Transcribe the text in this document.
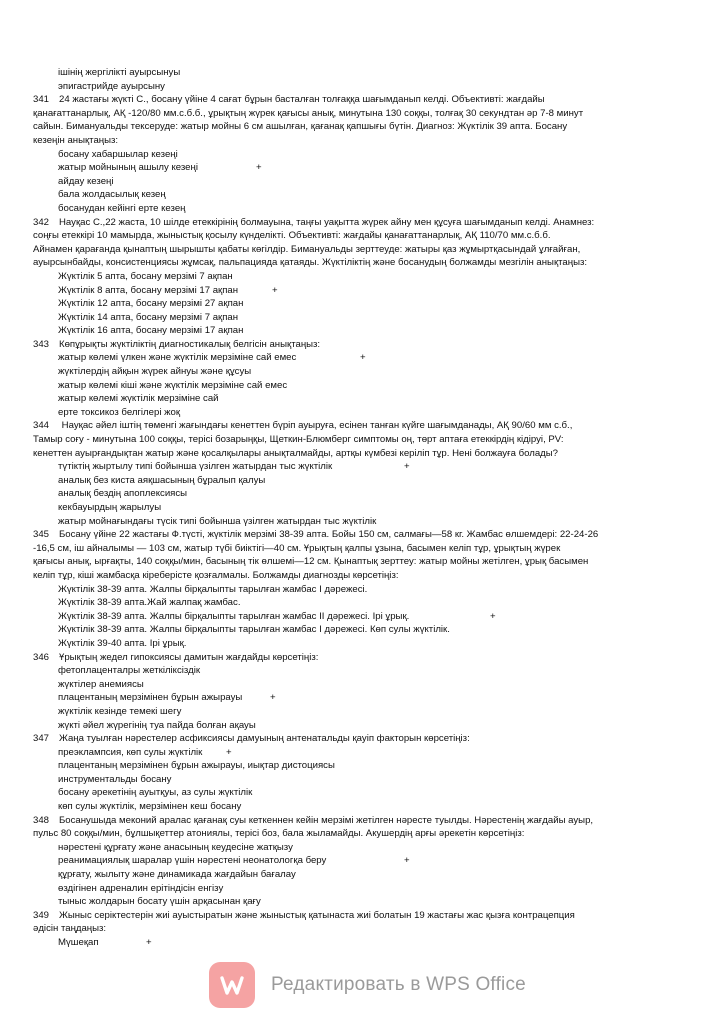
ішінің жергілікті ауырсынуы
эпигастрийде ауырсыну
341 24 жастағы жүкті С., босану үйіне 4 сағат бұрын басталған толғаққа шағымданып келді. Объективті: жағдайы
қанағаттанарлық, АҚ -120/80 мм.с.б.б., ұрықтың жүрек қағысы анық, минутына 130 соққы, толғақ 30 секундтан әр 7-8 минут
сайын. Бимануальды тексеруде: жатыр мойны 6 см ашылған, қағанақ қапшығы бүтін. Диагноз: Жүктілік 39 апта. Босану
кезеңін анықтаңыз:
босану хабаршылар кезеңі
жатыр мойнының ашылу кезеңі	+
айдау кезеңі
бала жолдасылық кезең
босанудан кейінгі ерте кезең
342 Науқас С.,22 жаста, 10 шілде етеккірінің болмауына, таңғы уақытта жүрек айну мен құсуға шағымданып келді. Анамнез:
соңғы етеккірі 10 мамырда, жыныстық қосылу күнделікті. Объективті: жағдайы қанағаттанарлық, АҚ 110/70 мм.с.б.б.
Айнамен қарағанда қынаптың шырышты қабаты көгілдір. Бимануальды зерттеуде: жатыры қаз жұмыртқасындай ұлғайған,
ауырсынбайды, консистенциясы жұмсақ, пальпацияда қатаяды. Жүктіліктің және босанудың болжамды мезгілін анықтаңыз:
Жүктілік 5 апта, босану мерзімі 7 ақпан
Жүктілік 8 апта, босану мерзімі 17 ақпан	+
Жүктілік 12 апта, босану мерзімі 27 ақпан
Жүктілік 14 апта, босану мерзімі 7 ақпан
Жүктілік 16 апта, босану мерзімі 17 ақпан
343 Көпұрықты жүктіліктің диагностикалық белгісін анықтаңыз:
жатыр көлемі үлкен және жүктілік мерзіміне сай емес	+
жүктілердің айқын жүрек айнуы және құсуы
жатыр көлемі кіші және жүктілік мерзіміне сай емес
жатыр көлемі жүктілік мерзіміне сай
ерте токсикоз белгілері жоқ
344 Науқас әйел іштің төменгі жағындағы кенеттен бүріп ауыруға, есінен танған күйге шағымданады, АҚ 90/60 мм с.б.,
Тамыр соғу - минутына 100 соққы, терісі бозарыңқы, Щеткин-Блюмберг симптомы оң, төрт аптаға етеккірдің кідіруі, PV:
кенеттен ауырғандықтан жатыр және қосалқылары анықталмайды, артқы күмбезі керіліп тұр. Нені болжауға болады?
түтіктің жыртылу типі бойынша үзілген жатырдан тыс жүктілік	+
аналық без киста аяқшасының бұралып қалуы
аналық бездің апоплексиясы
кекбауырдың жарылуы
жатыр мойнағындағы түсік типі бойынша үзілген жатырдан тыс жүктілік
345 Босану үйіне 22 жастағы Ф.түсті, жүктілік мерзімі 38-39 апта. Бойы 150 см, салмағы—58 кг. Жамбас өлшемдері: 22-24-26
-16,5 см, іш айналымы — 103 см, жатыр түбі биіктігі—40 см. Ұрықтың қалпы ұзына, басымен келіп тұр, ұрықтың жүрек
қағысы анық, ырғақты, 140 соққы/мин, басының тік өлшемі—12 см. Қынаптық зерттеу: жатыр мойны жетілген, ұрық басымен
келіп тұр, кіші жамбасқа кіреберісте қозғалмалы. Болжамды диагнозды көрсетіңіз:
Жүктілік 38-39 апта. Жалпы бірқалыпты тарылған жамбас I дәрежесі.
Жүктілік 38-39 апта.Жай жалпақ жамбас.
Жүктілік 38-39 апта. Жалпы бірқалыпты тарылған жамбас II дәрежесі. Ірі ұрық.	+
Жүктілік 38-39 апта. Жалпы бірқалыпты тарылған жамбас I дәрежесі. Көп сулы жүктілік.
Жүктілік 39-40 апта. Ірі ұрық.
346 Ұрықтың жедел гипоксиясы дамитын жағдайды көрсетіңіз:
фетоплаценталры жеткіліксіздік
жүктілер анемиясы
плацентаның мерзімінен бұрын ажырауы	+
жүктілік кезінде темекі шегу
жүкті әйел жүрегінің туа пайда болған ақауы
347 Жаңа туылған нәрестелер асфиксиясы дамуының антенатальды қауіп факторын көрсетіңіз:
преэклампсия, көп сулы жүктілік +
плацентаның мерзімінен бұрын ажырауы, иықтар дистоциясы
инструментальды босану
босану әрекетінің ауытқуы, аз сулы жүктілік
көп сулы жүктілік, мерзімінен кеш босану
348 Босанушыда меконий аралас қағанақ суы кеткеннен кейін мерзімі жетілген нәресте туылды. Нәрестенің жағдайы ауыр,
пульс 80 соққы/мин, бұлшықеттер атониялы, терісі боз, бала жыламайды. Акушердің арғы әрекетін көрсетіңіз:
нәрестені құрғату және анасының кеудесіне жатқызу
реанимациялық шаралар үшін нәрестені неонатологқа беру	+
құрғату, жылыту және динамикада жағдайын бағалау
өздігінен адреналин ерітіндісін енгізу
тыныс жолдарын босату үшін арқасынан қағу
349 Жыныс серіктестерін жиі ауыстыратын және жыныстық қатынаста жиі болатын 19 жастағы жас қызға контрацепция
әдісін таңдаңыз:
Мүшеқап	+
Редактировать в WPS Office
